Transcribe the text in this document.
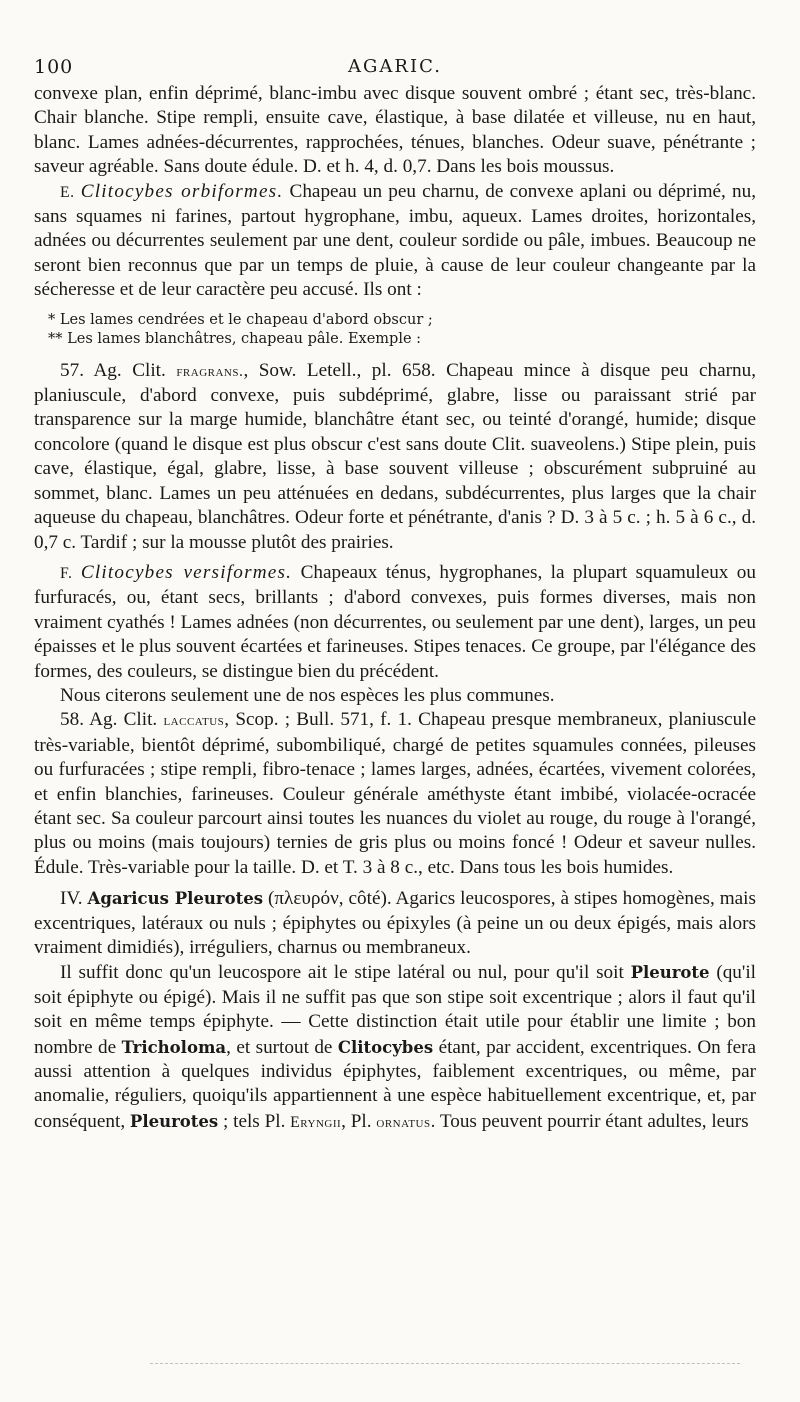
100	AGARIC.

convexe plan, enfin déprimé, blanc-imbu avec disque souvent ombré ; étant sec, très-blanc. Chair blanche. Stipe rempli, ensuite cave, élastique, à base dilatée et villeuse, nu en haut, blanc. Lames adnées-décurrentes, rapprochées, ténues, blanches. Odeur suave, pénétrante ; saveur agréable. Sans doute édule. D. et h. 4, d. 0,7. Dans les bois moussus.

E. Clitocybes orbiformes. Chapeau un peu charnu, de convexe aplani ou déprimé, nu, sans squames ni farines, partout hygrophane, imbu, aqueux. Lames droites, horizontales, adnées ou décurrentes seulement par une dent, couleur sordide ou pâle, imbues. Beaucoup ne seront bien reconnus que par un temps de pluie, à cause de leur couleur changeante par la sécheresse et de leur caractère peu accusé. Ils ont :

* Les lames cendrées et le chapeau d'abord obscur ;
** Les lames blanchâtres, chapeau pâle. Exemple :

57. Ag. Clit. fragrans., Sow. Letell., pl. 658. Chapeau mince à disque peu charnu, planiuscule, d'abord convexe, puis subdéprimé, glabre, lisse ou paraissant strié par transparence sur la marge humide, blanchâtre étant sec, ou teinté d'orangé, humide; disque concolore (quand le disque est plus obscur c'est sans doute Clit. suaveolens.) Stipe plein, puis cave, élastique, égal, glabre, lisse, à base souvent villeuse ; obscurément subpruiné au sommet, blanc. Lames un peu atténuées en dedans, subdécurrentes, plus larges que la chair aqueuse du chapeau, blanchâtres. Odeur forte et pénétrante, d'anis ? D. 3 à 5 c. ; h. 5 à 6 c., d. 0,7 c. Tardif ; sur la mousse plutôt des prairies.

F. Clitocybes versiformes. Chapeaux ténus, hygrophanes, la plupart squamuleux ou furfuracés, ou, étant secs, brillants ; d'abord convexes, puis formes diverses, mais non vraiment cyathés ! Lames adnées (non décurrentes, ou seulement par une dent), larges, un peu épaisses et le plus souvent écartées et farineuses. Stipes tenaces. Ce groupe, par l'élégance des formes, des couleurs, se distingue bien du précédent.

Nous citerons seulement une de nos espèces les plus communes.

58. Ag. Clit. laccatus, Scop. ; Bull. 571, f. 1. Chapeau presque membraneux, planiuscule très-variable, bientôt déprimé, subombiliqué, chargé de petites squamules connées, pileuses ou furfuracées ; stipe rempli, fibro-tenace ; lames larges, adnées, écartées, vivement colorées, et enfin blanchies, farineuses. Couleur générale améthyste étant imbibé, violacée-ocracée étant sec. Sa couleur parcourt ainsi toutes les nuances du violet au rouge, du rouge à l'orangé, plus ou moins (mais toujours) ternies de gris plus ou moins foncé ! Odeur et saveur nulles. Édule. Très-variable pour la taille. D. et T. 3 à 8 c., etc. Dans tous les bois humides.

IV. Agaricus Pleurotes (πλευρόν, côté). Agarics leucospores, à stipes homogènes, mais excentriques, latéraux ou nuls ; épiphytes ou épixyles (à peine un ou deux épigés, mais alors vraiment dimidiés), irréguliers, charnus ou membraneux.

Il suffit donc qu'un leucospore ait le stipe latéral ou nul, pour qu'il soit Pleurote (qu'il soit épiphyte ou épigé). Mais il ne suffit pas que son stipe soit excentrique ; alors il faut qu'il soit en même temps épiphyte. — Cette distinction était utile pour établir une limite ; bon nombre de Tricholoma, et surtout de Clitocybes étant, par accident, excentriques. On fera aussi attention à quelques individus épiphytes, faiblement excentriques, ou même, par anomalie, réguliers, quoiqu'ils appartiennent à une espèce habituellement excentrique, et, par conséquent, Pleurotes ; tels Pl. Eryngii, Pl. ornatus. Tous peuvent pourrir étant adultes, leurs
